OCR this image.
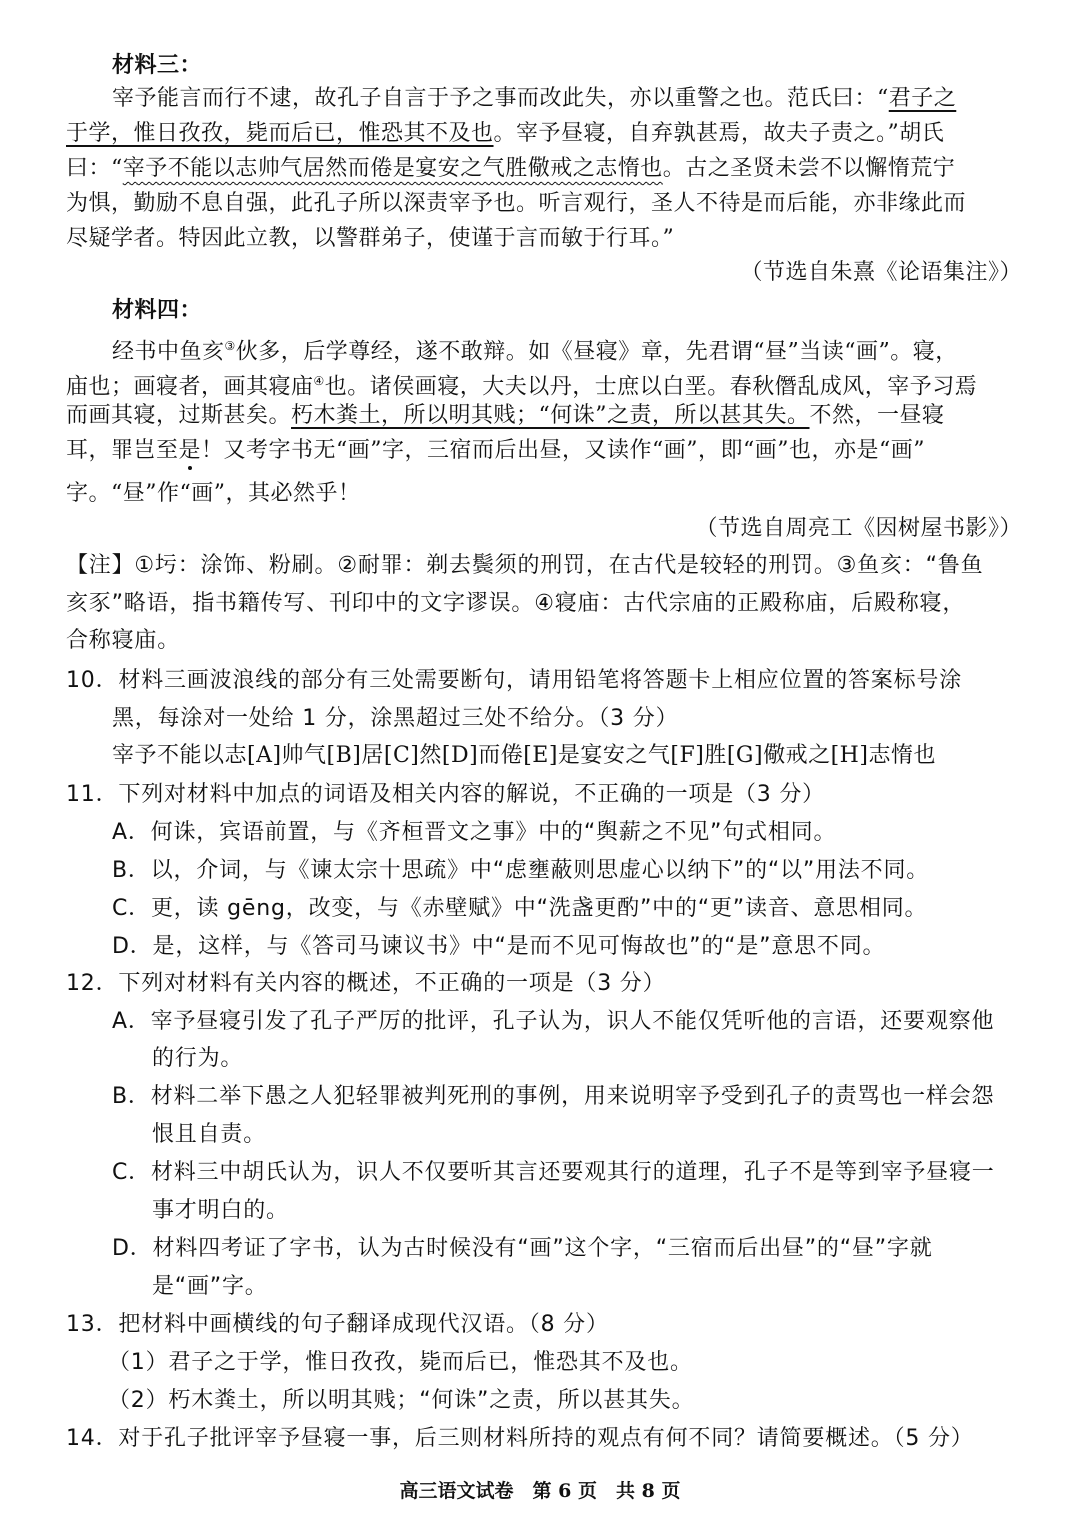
材料三：
宰予能言而行不逮，故孔子自言于予之事而改此失，亦以重警之也。范氏曰：“君子之
于学，惟日孜孜，毙而后已，惟恐其不及也。宰予昼寝，自弃孰甚焉，故夫子责之。”胡氏
曰：“宰予不能以志帅气居然而倦是宴安之气胜儆戒之志惰也。古之圣贤未尝不以懈惰荒宁
为惧，勤励不息自强，此孔子所以深责宰予也。听言观行，圣人不待是而后能，亦非缘此而
尽疑学者。特因此立教，以警群弟子，使谨于言而敏于行耳。”
（节选自朱熹《论语集注》）
材料四：
经书中鱼亥③伙多，后学尊经，遂不敢辩。如《昼寝》章，先君谓“昼”当读“画”。寝，
庙也；画寝者，画其寝庙④也。诸侯画寝，大夫以丹，士庶以白垩。春秋僭乱成风，宰予习焉
而画其寝，过斯甚矣。朽木粪土，所以明其贱；“何诛”之责，所以甚其失。不然，一昼寝
耳，罪岂至是！又考字书无“画”字，三宿而后出昼，又读作“画”，即“画”也，亦是“画”
字。“昼”作“画”，其必然乎！
（节选自周亮工《因树屋书影》）
【注】①圬：涂饰、粉刷。②耐罪：剃去鬓须的刑罚，在古代是较轻的刑罚。③鱼亥：“鲁鱼
亥豕”略语，指书籍传写、刊印中的文字谬误。④寝庙：古代宗庙的正殿称庙，后殿称寝，
合称寝庙。
10．材料三画波浪线的部分有三处需要断句，请用铅笔将答题卡上相应位置的答案标号涂
黑，每涂对一处给 1 分，涂黑超过三处不给分。（3 分）
宰予不能以志[A]帅气[B]居[C]然[D]而倦[E]是宴安之气[F]胜[G]儆戒之[H]志惰也
11．下列对材料中加点的词语及相关内容的解说，不正确的一项是（3 分）
A．何诛，宾语前置，与《齐桓晋文之事》中的“舆薪之不见”句式相同。
B．以，介词，与《谏太宗十思疏》中“虑壅蔽则思虚心以纳下”的“以”用法不同。
C．更，读 gēng，改变，与《赤壁赋》中“洗盏更酌”中的“更”读音、意思相同。
D．是，这样，与《答司马谏议书》中“是而不见可悔故也”的“是”意思不同。
12．下列对材料有关内容的概述，不正确的一项是（3 分）
A．宰予昼寝引发了孔子严厉的批评，孔子认为，识人不能仅凭听他的言语，还要观察他
的行为。
B．材料二举下愚之人犯轻罪被判死刑的事例，用来说明宰予受到孔子的责骂也一样会怨
恨且自责。
C．材料三中胡氏认为，识人不仅要听其言还要观其行的道理，孔子不是等到宰予昼寝一
事才明白的。
D．材料四考证了字书，认为古时候没有“画”这个字，“三宿而后出昼”的“昼”字就
是“画”字。
13．把材料中画横线的句子翻译成现代汉语。（8 分）
（1）君子之于学，惟日孜孜，毙而后已，惟恐其不及也。
（2）朽木粪土，所以明其贱；“何诛”之责，所以甚其失。
14．对于孔子批评宰予昼寝一事，后三则材料所持的观点有何不同？请简要概述。（5 分）
高三语文试卷　第 6 页　共 8 页
